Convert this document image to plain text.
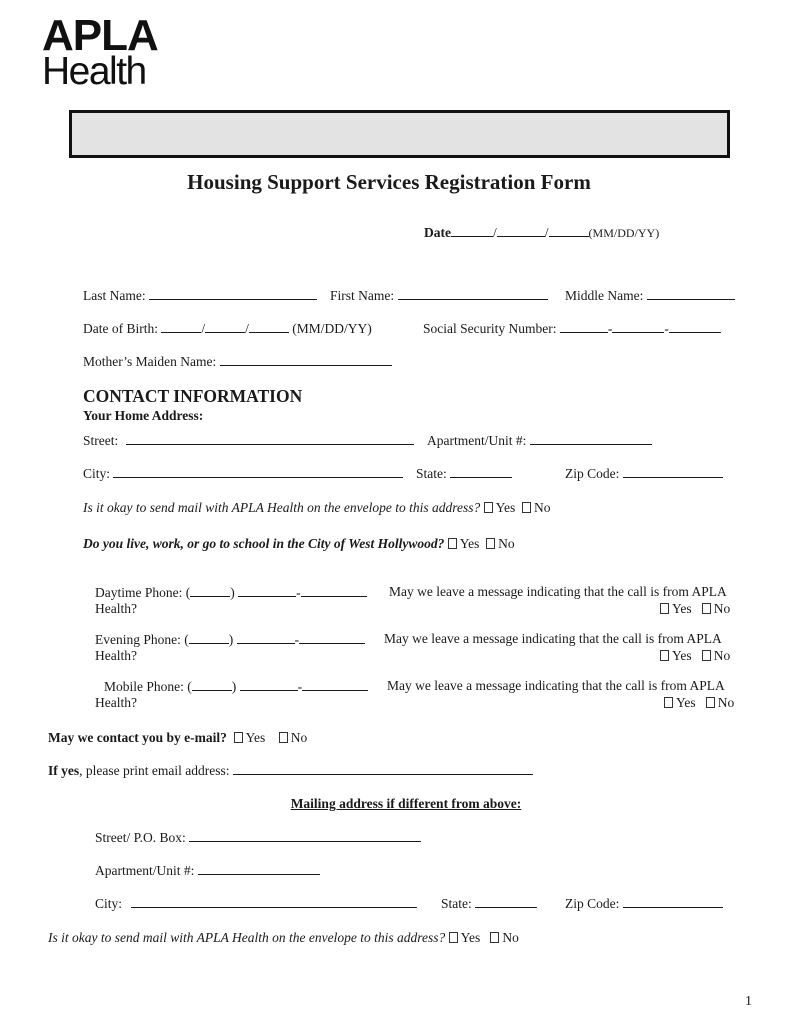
APLA
Health
Housing Support Services Registration Form
Date	/	/	(MM/DD/YY)
Last Name:	First Name:	Middle Name:
Date of Birth:	/	/	(MM/DD/YY)	Social Security Number:	-	-
Mother’s Maiden Name:
CONTACT INFORMATION
Your Home Address:
Street:	Apartment/Unit #:
City:	State:	Zip Code:
Is it okay to send mail with APLA Health on the envelope to this address? Yes No
Do you live, work, or go to school in the City of West Hollywood? Yes No
Daytime Phone: (	)	-	May we leave a message indicating that the call is from APLA
Health?	Yes No
Evening Phone: (	)	-	May we leave a message indicating that the call is from APLA
Health?	Yes No
Mobile Phone: (	)	-	May we leave a message indicating that the call is from APLA
Health?	Yes No
May we contact you by e-mail? Yes No
If yes, please print email address:
Mailing address if different from above:
Street/ P.O. Box:
Apartment/Unit #:
City:	State:	Zip Code:
Is it okay to send mail with APLA Health on the envelope to this address? Yes No
1
